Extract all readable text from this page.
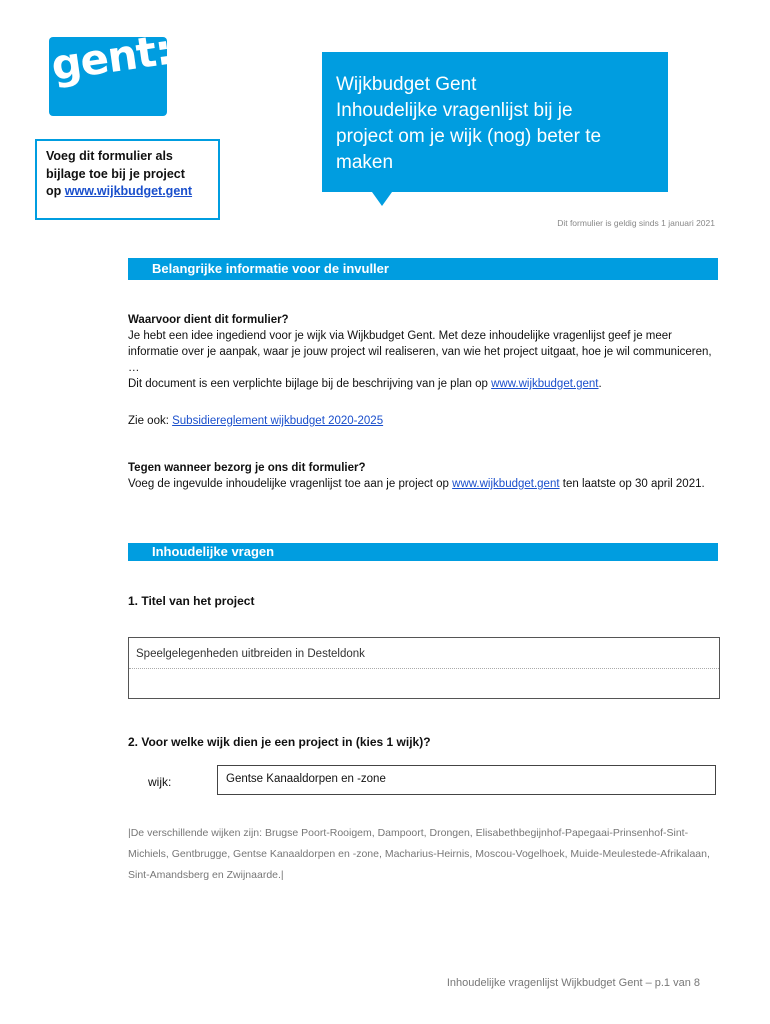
gent:
Voeg dit formulier als
bijlage toe bij je project
op www.wijkbudget.gent
Wijkbudget Gent
Inhoudelijke vragenlijst bij je
project om je wijk (nog) beter te
maken
Dit formulier is geldig sinds 1 januari 2021
Belangrijke informatie voor de invuller
Waarvoor dient dit formulier?
Je hebt een idee ingediend voor je wijk via Wijkbudget Gent. Met deze inhoudelijke vragenlijst geef je meer informatie over je aanpak, waar je jouw project wil realiseren, van wie het project uitgaat, hoe je wil communiceren, …
Dit document is een verplichte bijlage bij de beschrijving van je plan op www.wijkbudget.gent.
Zie ook: Subsidiereglement wijkbudget 2020-2025
Tegen wanneer bezorg je ons dit formulier?
Voeg de ingevulde inhoudelijke vragenlijst toe aan je project op www.wijkbudget.gent ten laatste op 30 april 2021.
Inhoudelijke vragen
1. Titel van het project
Speelgelegenheden uitbreiden in Desteldonk
2. Voor welke wijk dien je een project in (kies 1 wijk)?
wijk:	Gentse Kanaaldorpen en -zone
|De verschillende wijken zijn: Brugse Poort-Rooigem, Dampoort, Drongen, Elisabethbegijnhof-Papegaai-Prinsenhof-Sint-Michiels, Gentbrugge, Gentse Kanaaldorpen en -zone, Macharius-Heirnis, Moscou-Vogelhoek, Muide-Meulestede-Afrikalaan, Sint-Amandsberg en Zwijnaarde.|
Inhoudelijke vragenlijst Wijkbudget Gent – p.1 van 8
